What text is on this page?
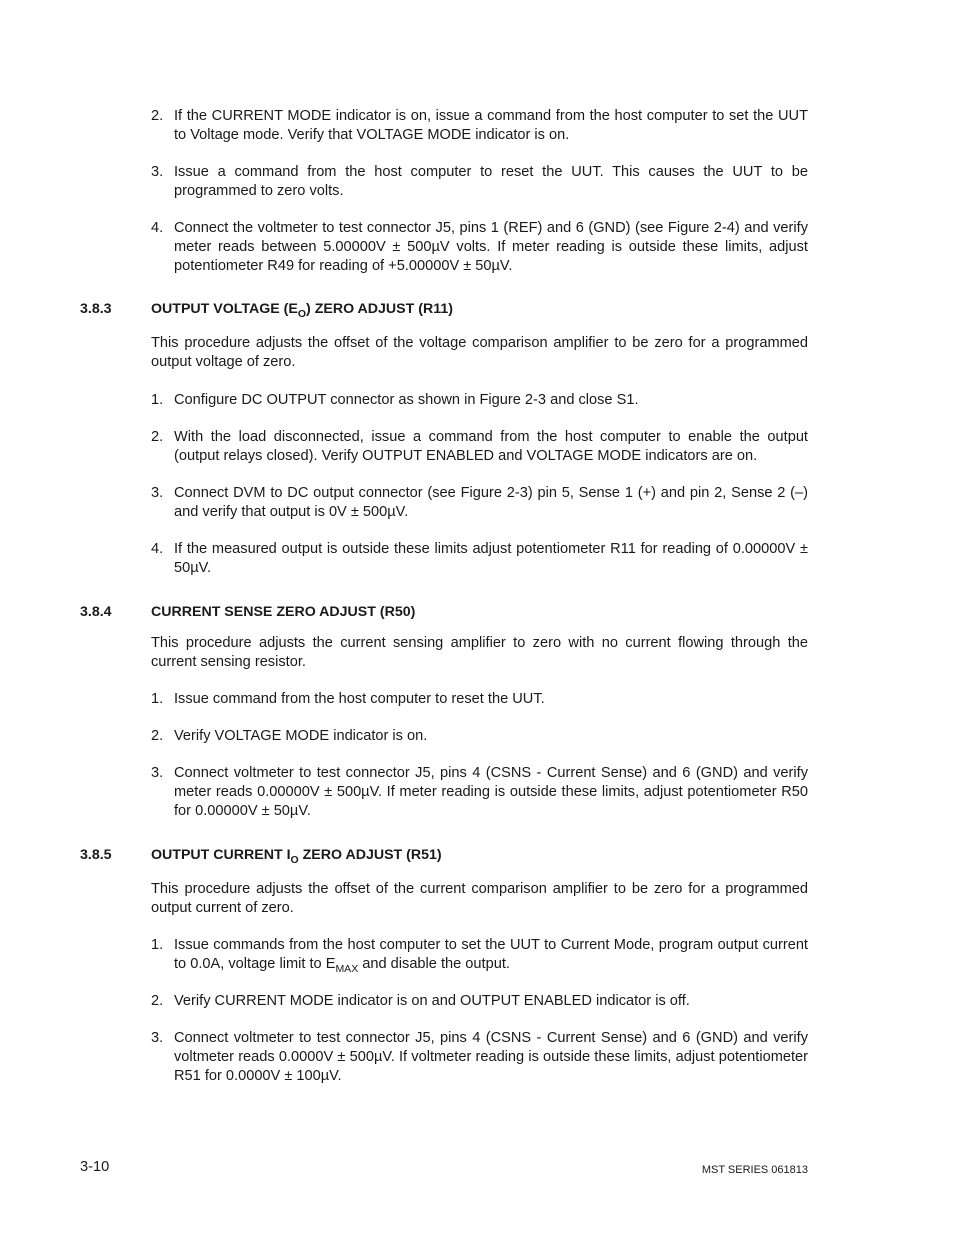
2. If the CURRENT MODE indicator is on, issue a command from the host computer to set the UUT to Voltage mode. Verify that VOLTAGE MODE indicator is on.
3. Issue a command from the host computer to reset the UUT. This causes the UUT to be programmed to zero volts.
4. Connect the voltmeter to test connector J5, pins 1 (REF) and 6 (GND) (see Figure 2-4) and verify meter reads between 5.00000V ± 500µV volts. If meter reading is outside these limits, adjust potentiometer R49 for reading of +5.00000V ± 50µV.
3.8.3	OUTPUT VOLTAGE $(E_O)$ ZERO ADJUST (R11)
This procedure adjusts the offset of the voltage comparison amplifier to be zero for a programmed output voltage of zero.
1. Configure DC OUTPUT connector as shown in Figure 2-3 and close S1.
2. With the load disconnected, issue a command from the host computer to enable the output (output relays closed). Verify OUTPUT ENABLED and VOLTAGE MODE indicators are on.
3. Connect DVM to DC output connector (see Figure 2-3) pin 5, Sense 1 (+) and pin 2, Sense 2 (–) and verify that output is 0V ± 500µV.
4. If the measured output is outside these limits adjust potentiometer R11 for reading of 0.00000V ± 50µV.
3.8.4	CURRENT SENSE ZERO ADJUST (R50)
This procedure adjusts the current sensing amplifier to zero with no current flowing through the current sensing resistor.
1. Issue command from the host computer to reset the UUT.
2. Verify VOLTAGE MODE indicator is on.
3. Connect voltmeter to test connector J5, pins 4 (CSNS - Current Sense) and 6 (GND) and verify meter reads 0.00000V ± 500µV. If meter reading is outside these limits, adjust potentiometer R50 for 0.00000V ± 50µV.
3.8.5	OUTPUT CURRENT $I_O$ ZERO ADJUST (R51)
This procedure adjusts the offset of the current comparison amplifier to be zero for a programmed output current of zero.
1. Issue commands from the host computer to set the UUT to Current Mode, program output current to 0.0A, voltage limit to $E_{MAX}$ and disable the output.
2. Verify CURRENT MODE indicator is on and OUTPUT ENABLED indicator is off.
3. Connect voltmeter to test connector J5, pins 4 (CSNS - Current Sense) and 6 (GND) and verify voltmeter reads 0.0000V ± 500µV. If voltmeter reading is outside these limits, adjust potentiometer R51 for 0.0000V ± 100µV.
3-10	MST SERIES 061813
